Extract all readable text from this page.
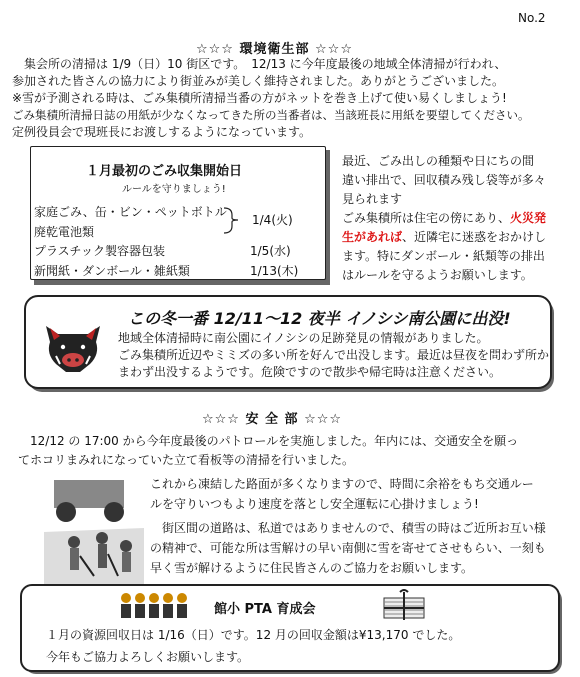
No.2
☆☆☆ 環境衛生部 ☆☆☆

　集会所の清掃は 1/9（日）10 街区です。　12/13 に今年度最後の地域全体清掃が行われ、

参加された皆さんの協力により街並みが美しく維持されました。ありがとうございました。

※雪が予測される時は、ごみ集積所清掃当番の方がネットを巻き上げて使い易くしましょう!

ごみ集積所清掃日誌の用紙が少なくなってきた所の当番者は、当該班長に用紙を要望してください。

定例役員会で現班長にお渡しするようになっています。

１月最初のごみ収集開始日
ルールを守りましょう!
家庭ごみ、缶・ビン・ペットボトル
廃乾電池類
プラスチック製容器包装
新聞紙・ダンボール・雑紙類
1/4(火)
1/5(水)
1/13(木)

最近、ごみ出しの種類や日にちの間

違い排出で、回収積み残し袋等が多々

見られます

ごみ集積所は住宅の傍にあり、火災発

生があれば、近隣宅に迷惑をおかけし

ます。特にダンボール・紙類等の排出

はルールを守るようお願いします。

この冬一番 12/11～12 夜半 イノシシ南公園に出没!

地域全体清掃時に南公園にイノシシの足跡発見の情報がありました。

ごみ集積所近辺やミミズの多い所を好んで出没します。最近は昼夜を問わず所か

まわず出没するようです。危険ですので散歩や帰宅時は注意ください。

☆☆☆ 安 全 部 ☆☆☆

　12/12 の 17:00 から今年度最後のパトロールを実施しました。年内には、交通安全を願っ

てホコリまみれになっていた立て看板等の清掃を行いました。

これから凍結した路面が多くなりますので、時間に余裕をもち交通ルー

ルを守りいつもより速度を落とし安全運転に心掛けましょう!

　街区間の道路は、私道ではありませんので、積雪の時はご近所お互い様

の精神で、可能な所は雪解けの早い南側に雪を寄せてさせもらい、一刻も

早く雪が解けるように住民皆さんのご協力をお願いします。

館小 PTA 育成会

１月の資源回収日は 1/16（日）です。12 月の回収金額は¥13,170 でした。

今年もご協力よろしくお願いします。
